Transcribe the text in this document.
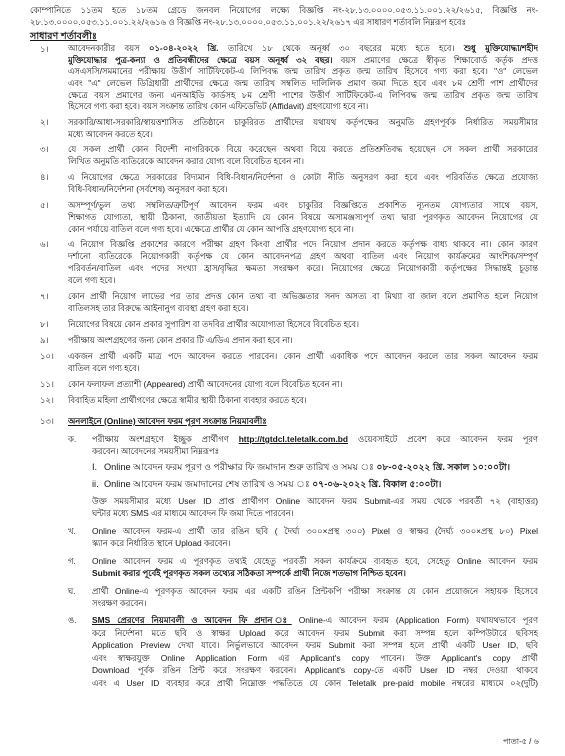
কোম্পানিতে ১১তম হতে ১৮তম গ্রেডে জনবল নিয়োগের লক্ষ্যে বিজ্ঞপ্তি নং-২৮.১৩.০০০০.০৫৩.১১.০০১.২২/২৬১৫, বিজ্ঞপ্তি নং-
২৮.১৩.০০০০.০৫৩.১১.০০১.২২/২৬১৬ ও বিজ্ঞপ্তি নং-২৮.১৩.০০০০.০৫৩.১১.০০১.২২/২৬১৭ এর সাধারণ শর্তাবলি নিম্নরূপ হবেঃ
সাধারণ শর্তাবলীঃ
১। আবেদনকারীর বয়স ০১-০৪-২০২২ খ্রি. তারিখে ১৮ থেকে অনূর্ধ্ব ৩০ বছরের মধ্যে হতে হবে। শুধু মুক্তিযোদ্ধা/শহীদ
মুক্তিযোদ্ধার পুত্র-কন্যা ও প্রতিবন্ধীদের ক্ষেত্রে বয়স অনূর্ধ্ব ৩২ বছর। বয়স প্রমাণের ক্ষেত্রে স্বীকৃত শিক্ষাবোর্ড কর্তৃক প্রদত্ত
এসএসসি/সমমানের পরীক্ষায় উত্তীর্ণ সার্টিফিকেট-এ লিপিবদ্ধ জন্ম তারিখ প্রকৃত জন্ম তারিখ হিসেবে গণ্য করা হবে। "ও" লেভেল
এবং "এ" লেভেল ডিগ্রিধারী প্রার্থীদের ক্ষেত্রে জন্ম তারিখ সম্বলিত দালিলিক প্রমাণ জমা দিতে হবে এবং ৮ম শ্রেণী পাশ প্রার্থীদের
ক্ষেত্রে বয়স প্রমাণের জন্য এনআইডি কার্ডসহ ৮ম শ্রেণী পাশের উত্তীর্ণ সার্টিফিকেট-এ লিপিবদ্ধ জন্ম তারিখ প্রকৃত জন্ম তারিখ
হিসেবে গণ্য করা হবে। বয়স সংক্রান্ত তারিখ কোন এফিডেভিট (Affidavit) গ্রহণযোগ্য হবে না।
২। সরকারি/আধা-সরকারি/স্বায়ত্তশাসিত প্রতিষ্ঠানে চাকুরিরত প্রার্থীদের যথাযথ কর্তৃপক্ষের অনুমতি গ্রহণপূর্বক নির্ধারিত সময়সীমার
মধ্যে আবেদন করতে হবে।
৩। যে সকল প্রার্থী কোন বিদেশী নাগরিককে বিয়ে করেছেন অথবা বিয়ে করতে প্রতিশ্রুতিবদ্ধ হয়েছেন সে সকল প্রার্থী সরকারের
লিখিত অনুমতি ব্যতিরেকে আবেদন করার যোগ্য বলে বিবেচিত হবেন না।
৪। এ নিয়োগের ক্ষেত্রে সরকারের বিদ্যমান বিধি-বিধান/নির্দেশনা ও কোটা নীতি অনুসরণ করা হবে এবং পরিবর্তিত ক্ষেত্রে প্রযোজ্য
বিধি-বিধান/নির্দেশনা (সর্বশেষ) অনুসরণ করা হবে।
৫। অসম্পূর্ণ/ভুল তথ্য সম্বলিত/ত্রুটিপূর্ণ আবেদন ফরম এবং চাকুরির বিজ্ঞপ্তিতে প্রকাশিত ন্যূনতম যোগ্যতার সাথে বয়স,
শিক্ষাগত যোগ্যতা, স্থায়ী ঠিকানা, জাতীয়তা ইত্যাদি যে কোন বিষয়ে অসামঞ্জস্যপূর্ণ তথ্য দ্বারা পূরণকৃত আবেদন নিয়োগের যে
কোন পর্যায়ে বাতিল বলে গণ্য হবে। এক্ষেত্রে প্রার্থীর যে কোন আপত্তি গ্রহণযোগ্য হবে না।
৬। এ নিয়োগ বিজ্ঞপ্তি প্রকাশের কারণে পরীক্ষা গ্রহণ কিংবা প্রার্থীর পদে নিয়োগ প্রদান করতে কর্তৃপক্ষ বাধ্য থাকবে না। কোন কারণ
দর্শানো ব্যতিরেকে নিয়োগকারী কর্তৃপক্ষ যে কোন আবেদনপত্র গ্রহণ অথবা বাতিল এবং নিয়োগ কার্যক্রমের আংশিক/সম্পূর্ণ
পরিবর্তন/বাতিল এবং পদের সংখ্যা হ্রাস/বৃদ্ধির ক্ষমতা সংরক্ষণ করে। নিয়োগের ক্ষেত্রে নিয়োগকারী কর্তৃপক্ষের সিদ্ধান্তই চূড়ান্ত
বলে গণ্য হবে।
৭। কোন প্রার্থী নিয়োগ লাভের পর তার প্রদত্ত কোন তথ্য বা অভিজ্ঞতার সনদ অসত্য বা মিথ্যা বা জাল বলে প্রমাণিত হলে নিয়োগ
বাতিলসহ তার বিরুদ্ধে আইনানুগ ব্যবস্থা গ্রহণ করা হবে।
৮। নিয়োগের বিষয়ে কোন প্রকার সুপারিশ বা তদবির প্রার্থীর অযোগ্যতা হিসেবে বিবেচিত হবে।
৯। পরীক্ষায় অংশগ্রহণের জন্য কোন প্রকার টি এ/ডিএ প্রদান করা হবে না।
১০। একজন প্রার্থী একটি মাত্র পদে আবেদন করতে পারবেন। কোন প্রার্থী একাধিক পদে আবেদন করলে তার সকল আবেদন ফরম
বাতিল বলে গণ্য হবে।
১১। কোন ফলাফল প্রত্যাশী (Appeared) প্রার্থী আবেদনের যোগ্য বলে বিবেচিত হবেন না।
১২। বিবাহিত মহিলা প্রার্থীগণের ক্ষেত্রে স্বামীর স্থায়ী ঠিকানা ব্যবহার করতে হবে।
১৩। অনলাইনে (Online) আবেদন ফরম পূরণ সংক্রান্ত নিয়মাবলীঃ
ক. পরীক্ষায় অংশগ্রহণে ইচ্ছুক প্রার্থীগণ http://tgtdcl.teletalk.com.bd ওয়েবসাইটে প্রবেশ করে আবেদন ফরম পূরণ
করবেন। আবেদনের সময়সীমা নিম্নরূপঃ
I. Online আবেদন ফরম পূরণ ও পরীক্ষার ফি জমাদান শুরু তারিখ ও সময় ঃ ০৮-০৫-২০২২ খ্রি. সকাল ১০:০০টা।
ii. Online আবেদন ফরম জমাদানের শেষ তারিখ ও সময় ঃ ০৭-০৬-২০২২ খ্রি. বিকাল ৫:০০টা।
উক্ত সময়সীমার মধ্যে User ID প্রাপ্ত প্রার্থীগণ Online আবেদন ফরম Submit-এর সময় থেকে পরবর্তী ৭২ (বাহাত্তর)
ঘন্টার মধ্যে SMS এর মাধ্যমে আবেদন ফি জমা দিতে পারবেন।
খ. Online আবেদন ফরম-এ প্রার্থী তার রঙিন ছবি ( দৈর্ঘ্য ৩০০×প্রস্থ ৩০০) Pixel ও স্বাক্ষর (দৈর্ঘ্য ৩০০×প্রস্থ ৮০) Pixel
স্ক্যান করে নির্ধারিত স্থানে Upload করবেন।
গ. Online আবেদন ফরম এ পূরণকৃত তথ্যই যেহেতু পরবর্তী সকল কার্যক্রমে ব্যবহৃত হবে, সেহেতু Online আবেদন ফরম
Submit করার পূর্বেই পূরণকৃত সকল তথ্যের সঠিকতা সম্পর্কে প্রার্থী নিজে শতভাগ নিশ্চিত হবেন।
ঘ. প্রার্থী Online-এ পূরণকৃত আবেদন ফরম এর একটি রঙিন প্রিন্টকপি পরীক্ষা সংক্রান্ত যে কোন প্রয়োজনে সহায়ক হিসেবে
সংরক্ষণ করবেন।
ঙ. SMS প্রেরণের নিয়মাবলী ও আবেদন ফি প্রদান ঃ Online-এ আবেদন ফরম (Application Form) যথাযথভাবে পূরণ
করে নির্দেশনা মতে ছবি ও স্বাক্ষর Upload করে আবেদন ফরম Submit করা সম্পন্ন হলে কম্পিউটারে ছবিসহ
Application Preview দেখা যাবে। নির্ভুলভাবে আবেদন ফরম Submit করা সম্পন্ন হলে প্রার্থী একটি User ID, ছবি
এবং স্বাক্ষরযুক্ত Online Application Form এর Applicant's copy পাবেন। উক্ত Applicant's copy প্রার্থী
Download পূর্বক রঙিন প্রিন্ট করে সংরক্ষণ করবেন। Applicant's copy-তে একটি User ID নম্বর দেওয়া থাকবে
এবং এ User ID ব্যবহার করে প্রার্থী নিম্নোক্ত পদ্ধতিতে যে কোন Teletalk pre-paid mobile নম্বরের মাধ্যমে ০২(দুটি)
পাতা-৫ / ৬
